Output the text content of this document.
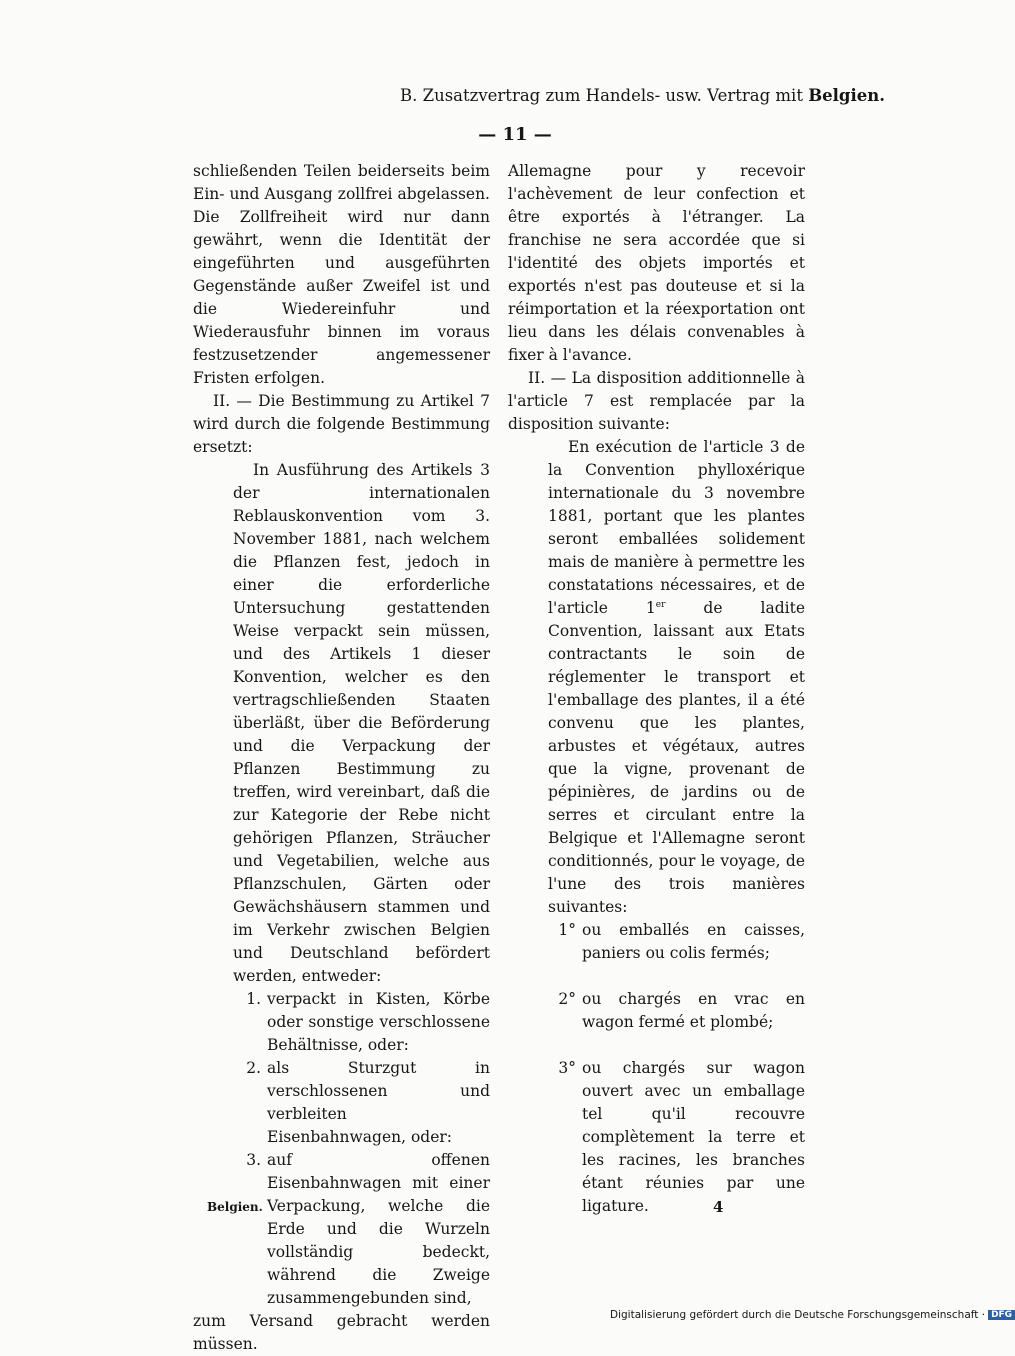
B. Zusatzvertrag zum Handels- usw. Vertrag mit Belgien.
— 11 —

schließenden Teilen beiderseits beim Ein- und Ausgang zollfrei abgelassen. Die Zollfreiheit wird nur dann gewährt, wenn die Identität der eingeführten und ausgeführten Gegenstände außer Zweifel ist und die Wiedereinfuhr und Wiederausfuhr binnen im voraus festzusetzender angemessener Fristen erfolgen.

II. — Die Bestimmung zu Artikel 7 wird durch die folgende Bestimmung ersetzt:

In Ausführung des Artikels 3 der internationalen Reblauskonvention vom 3. November 1881, nach welchem die Pflanzen fest, jedoch in einer die erforderliche Untersuchung gestattenden Weise verpackt sein müssen, und des Artikels 1 dieser Konvention, welcher es den vertragschließenden Staaten überläßt, über die Beförderung und die Verpackung der Pflanzen Bestimmung zu treffen, wird vereinbart, daß die zur Kategorie der Rebe nicht gehörigen Pflanzen, Sträucher und Vegetabilien, welche aus Pflanzschulen, Gärten oder Gewächshäusern stammen und im Verkehr zwischen Belgien und Deutschland befördert werden, entweder:

1. verpackt in Kisten, Körbe oder sonstige verschlossene Behältnisse, oder:
2. als Sturzgut in verschlossenen und verbleiten Eisenbahnwagen, oder:
3. auf offenen Eisenbahnwagen mit einer Verpackung, welche die Erde und die Wurzeln vollständig bedeckt, während die Zweige zusammengebunden sind,

zum Versand gebracht werden müssen.

Allemagne pour y recevoir l'achèvement de leur confection et être exportés à l'étranger. La franchise ne sera accordée que si l'identité des objets importés et exportés n'est pas douteuse et si la réimportation et la réexportation ont lieu dans les délais convenables à fixer à l'avance.

II. — La disposition additionnelle à l'article 7 est remplacée par la disposition suivante:

En exécution de l'article 3 de la Convention phylloxérique internationale du 3 novembre 1881, portant que les plantes seront emballées solidement mais de manière à permettre les constatations nécessaires, et de l'article 1er de ladite Convention, laissant aux Etats contractants le soin de réglementer le transport et l'emballage des plantes, il a été convenu que les plantes, arbustes et végétaux, autres que la vigne, provenant de pépinières, de jardins ou de serres et circulant entre la Belgique et l'Allemagne seront conditionnés, pour le voyage, de l'une des trois manières suivantes:

1° ou emballés en caisses, paniers ou colis fermés;
2° ou chargés en vrac en wagon fermé et plombé;
3° ou chargés sur wagon ouvert avec un emballage tel qu'il recouvre complètement la terre et les racines, les branches étant réunies par une ligature.
Belgien.	4
Digitalisierung gefördert durch die Deutsche Forschungsgemeinschaft · DFG
